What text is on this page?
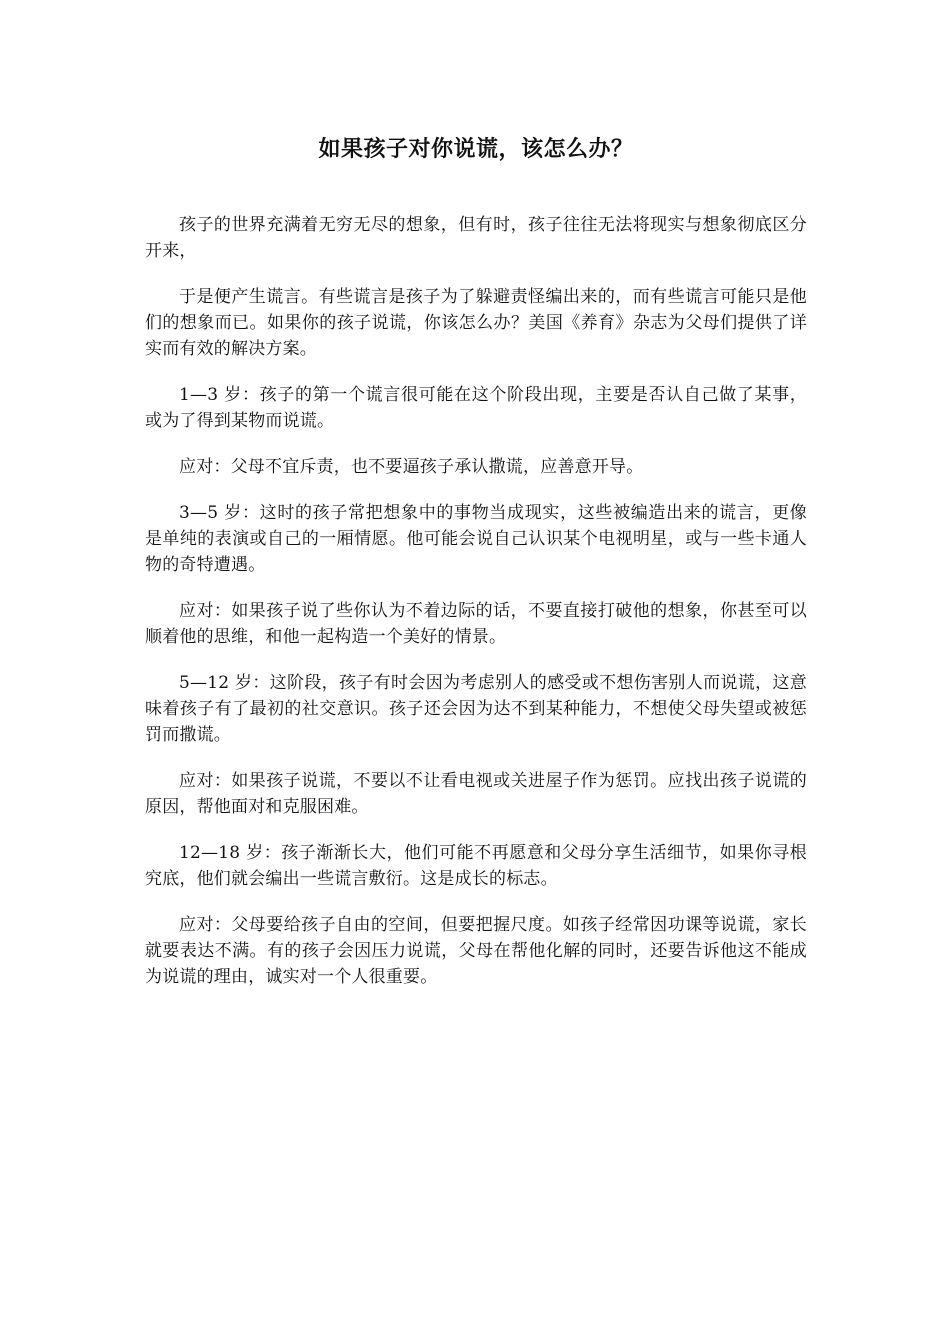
如果孩子对你说谎，该怎么办？

孩子的世界充满着无穷无尽的想象，但有时，孩子往往无法将现实与想象彻底区分开来，

于是便产生谎言。有些谎言是孩子为了躲避责怪编出来的，而有些谎言可能只是他们的想象而已。如果你的孩子说谎，你该怎么办？美国《养育》杂志为父母们提供了详实而有效的解决方案。

1—3 岁：孩子的第一个谎言很可能在这个阶段出现，主要是否认自己做了某事，或为了得到某物而说谎。

应对：父母不宜斥责，也不要逼孩子承认撒谎，应善意开导。

3—5 岁：这时的孩子常把想象中的事物当成现实，这些被编造出来的谎言，更像是单纯的表演或自己的一厢情愿。他可能会说自己认识某个电视明星，或与一些卡通人物的奇特遭遇。

应对：如果孩子说了些你认为不着边际的话，不要直接打破他的想象，你甚至可以顺着他的思维，和他一起构造一个美好的情景。

5—12 岁：这阶段，孩子有时会因为考虑别人的感受或不想伤害别人而说谎，这意味着孩子有了最初的社交意识。孩子还会因为达不到某种能力，不想使父母失望或被惩罚而撒谎。

应对：如果孩子说谎，不要以不让看电视或关进屋子作为惩罚。应找出孩子说谎的原因，帮他面对和克服困难。

12—18 岁：孩子渐渐长大，他们可能不再愿意和父母分享生活细节，如果你寻根究底，他们就会编出一些谎言敷衍。这是成长的标志。

应对：父母要给孩子自由的空间，但要把握尺度。如孩子经常因功课等说谎，家长就要表达不满。有的孩子会因压力说谎，父母在帮他化解的同时，还要告诉他这不能成为说谎的理由，诚实对一个人很重要。
